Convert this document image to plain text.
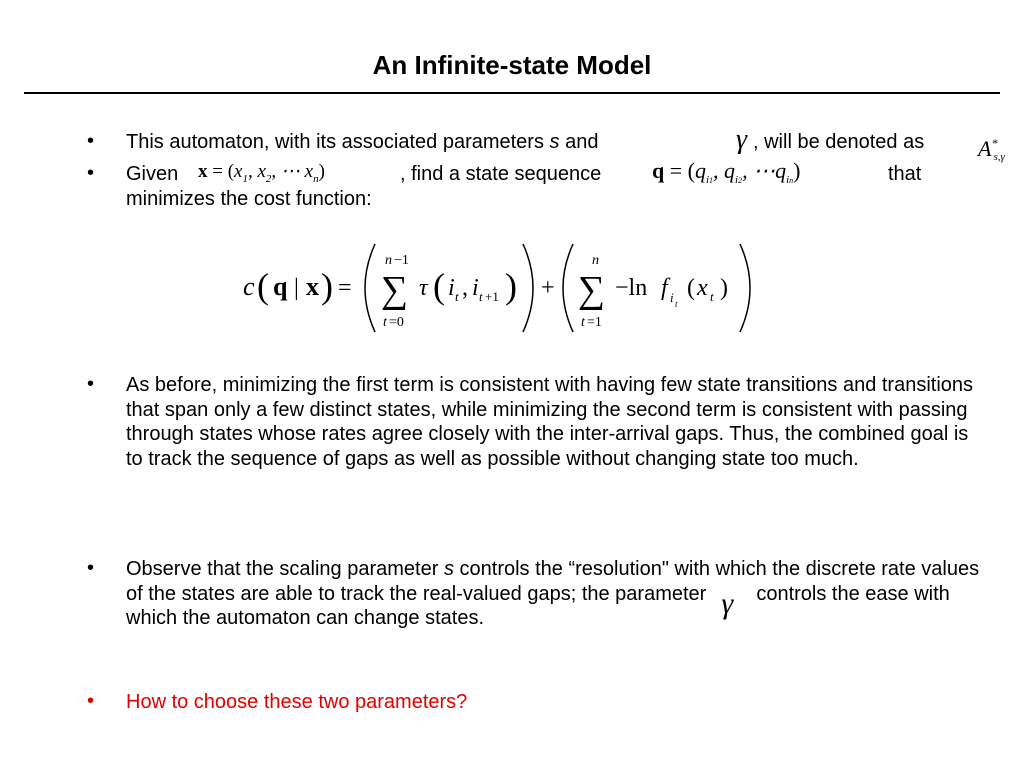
An Infinite-state Model
• This automaton, with its associated parameters s and	γ , will be denoted as A*s,γ
• Given $x = (x_1$, $x_2$, ⋯ $x_n$)	, find a state sequence $q = (q_{i1}$, $q_{i2}$, $\cdots q_{in}$)	that
minimizes the cost function:
c ( q | x ) =
n −1
∑
t =0
τ ( i t , i t +1 ) +
n
∑
t =1
−ln f i t
( x t )
• As before, minimizing the first term is consistent with having few state transitions and transitions that span only a few distinct states, while minimizing the second term is consistent with passing through states whose rates agree closely with the inter-arrival gaps. Thus, the combined goal is to track the sequence of gaps as well as possible without changing state too much.
• Observe that the scaling parameter s controls the “resolution" with which the discrete rate values of the states are able to track the real-valued gaps; the parameter γ controls the ease with which the automaton can change states.
• How to choose these two parameters?
